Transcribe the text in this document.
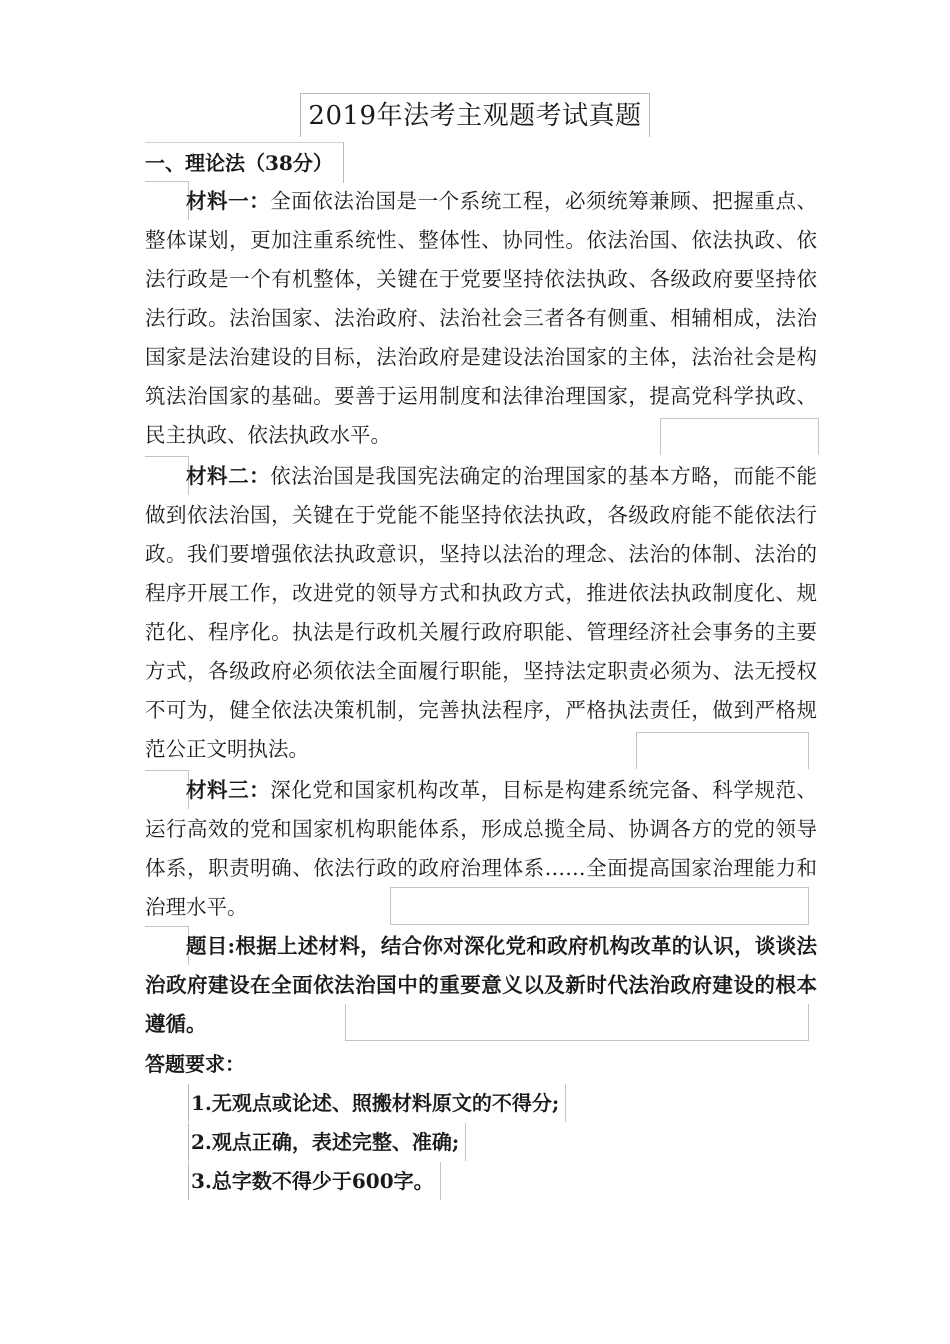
2019年法考主观题考试真题
一、理论法（38分）
材料一：全面依法治国是一个系统工程，必须统筹兼顾、把握重点、整体谋划，更加注重系统性、整体性、协同性。依法治国、依法执政、依法行政是一个有机整体，关键在于党要坚持依法执政、各级政府要坚持依法行政。法治国家、法治政府、法治社会三者各有侧重、相辅相成，法治国家是法治建设的目标，法治政府是建设法治国家的主体，法治社会是构筑法治国家的基础。要善于运用制度和法律治理国家，提高党科学执政、民主执政、依法执政水平。
材料二：依法治国是我国宪法确定的治理国家的基本方略，而能不能做到依法治国，关键在于党能不能坚持依法执政，各级政府能不能依法行政。我们要增强依法执政意识，坚持以法治的理念、法治的体制、法治的程序开展工作，改进党的领导方式和执政方式，推进依法执政制度化、规范化、程序化。执法是行政机关履行政府职能、管理经济社会事务的主要方式，各级政府必须依法全面履行职能，坚持法定职责必须为、法无授权不可为，健全依法决策机制，完善执法程序，严格执法责任，做到严格规范公正文明执法。
材料三：深化党和国家机构改革，目标是构建系统完备、科学规范、运行高效的党和国家机构职能体系，形成总揽全局、协调各方的党的领导体系，职责明确、依法行政的政府治理体系……全面提高国家治理能力和治理水平。
题目:根据上述材料，结合你对深化党和政府机构改革的认识，谈谈法治政府建设在全面依法治国中的重要意义以及新时代法治政府建设的根本遵循。
答题要求：
1.无观点或论述、照搬材料原文的不得分;
2.观点正确，表述完整、准确;
3.总字数不得少于600字。
